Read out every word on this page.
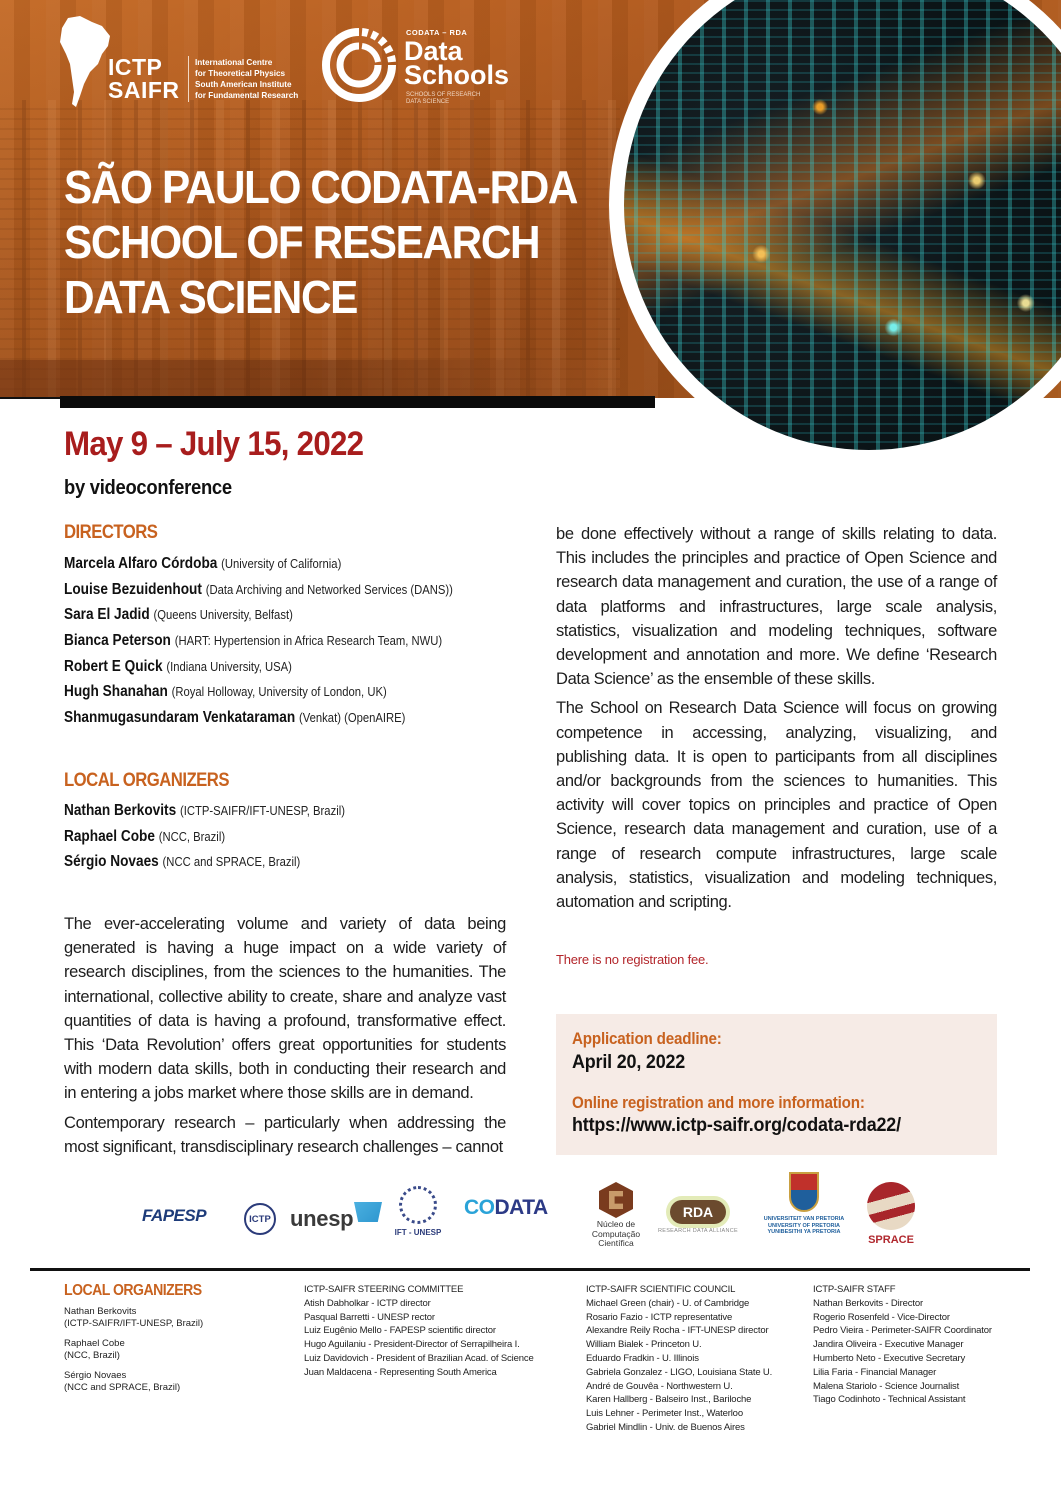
ICTP
SAIFR
International Centre
for Theoretical Physics
South American Institute
for Fundamental Research
CODATA – RDA
Data
Schools
SCHOOLS OF RESEARCH
DATA SCIENCE
SÃO PAULO CODATA-RDA
SCHOOL OF RESEARCH
DATA SCIENCE
May 9 – July 15, 2022
by videoconference
DIRECTORS
Marcela Alfaro Córdoba (University of California)
Louise Bezuidenhout (Data Archiving and Networked Services (DANS))
Sara El Jadid (Queens University, Belfast)
Bianca Peterson (HART: Hypertension in Africa Research Team, NWU)
Robert E Quick (Indiana University, USA)
Hugh Shanahan (Royal Holloway, University of London, UK)
Shanmugasundaram Venkataraman (Venkat) (OpenAIRE)
LOCAL ORGANIZERS
Nathan Berkovits (ICTP-SAIFR/IFT-UNESP, Brazil)
Raphael Cobe (NCC, Brazil)
Sérgio Novaes (NCC and SPRACE, Brazil)

The ever-accelerating volume and variety of data being generated is having a huge impact on a wide variety of research disciplines, from the sciences to the humanities. The international, collective ability to create, share and analyze vast quantities of data is having a profound, transformative effect. This ‘Data Revolution’ offers great opportunities for students with modern data skills, both in conducting their research and in entering a jobs market where those skills are in demand.

Contemporary research – particularly when addressing the most significant, transdisciplinary research challenges – cannot

be done effectively without a range of skills relating to data. This includes the principles and practice of Open Science and research data management and curation, the use of a range of data platforms and infrastructures, large scale analysis, statistics, visualization and modeling techniques, software development and annotation and more. We define ‘Research Data Science’ as the ensemble of these skills.

The School on Research Data Science will focus on growing competence in accessing, analyzing, visualizing, and publishing data. It is open to participants from all disciplines and/or backgrounds from the sciences to humanities. This activity will cover topics on principles and practice of Open Science, research data management and curation, use of a range of research compute infrastructures, large scale analysis, statistics, visualization and modeling techniques, automation and scripting.

There is no registration fee.
Application deadline:
April 20, 2022
Online registration and more information:
https://www.ictp-saifr.org/codata-rda22/
FAPESP	ICTP unesp
IFT - UNESP
CODATA
Núcleo de
Computação
Científica
RDA
RESEARCH DATA ALLIANCE
UNIVERSITEIT VAN PRETORIA
UNIVERSITY OF PRETORIA
YUNIBESITHI YA PRETORIA
SPRACE
LOCAL ORGANIZERS
Nathan Berkovits
(ICTP-SAIFR/IFT-UNESP, Brazil)
Raphael Cobe
(NCC, Brazil)
Sérgio Novaes
(NCC and SPRACE, Brazil)
ICTP-SAIFR STEERING COMMITTEE
Atish Dabholkar - ICTP director
Pasqual Barretti - UNESP rector
Luiz Eugênio Mello - FAPESP scientific director
Hugo Aguilaniu - President-Director of Serrapilheira I.
Luiz Davidovich - President of Brazilian Acad. of Science
Juan Maldacena - Representing South America
ICTP-SAIFR SCIENTIFIC COUNCIL
Michael Green (chair) - U. of Cambridge
Rosario Fazio - ICTP representative
Alexandre Reily Rocha - IFT-UNESP director
William Bialek - Princeton U.
Eduardo Fradkin - U. Illinois
Gabriela Gonzalez - LIGO, Louisiana State U.
André de Gouvêa - Northwestern U.
Karen Hallberg - Balseiro Inst., Bariloche
Luis Lehner - Perimeter Inst., Waterloo
Gabriel Mindlin - Univ. de Buenos Aires
ICTP-SAIFR STAFF
Nathan Berkovits - Director
Rogerio Rosenfeld - Vice-Director
Pedro Vieira - Perimeter-SAIFR Coordinator
Jandira Oliveira - Executive Manager
Humberto Neto - Executive Secretary
Lilia Faria - Financial Manager
Malena Stariolo - Science Journalist
Tiago Codinhoto - Technical Assistant
